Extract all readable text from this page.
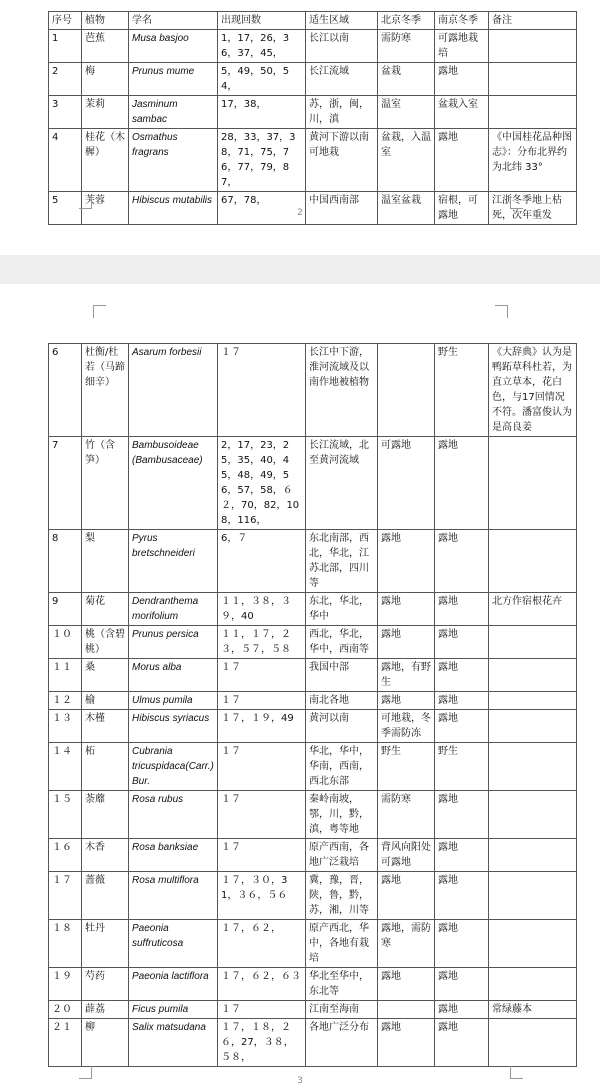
序号	植物	学名	出现回数	适生区域	北京冬季	南京冬季	备注
1	芭蕉	Musa basjoo	1，17，26，36，37，45，	长江以南	需防寒	可露地栽培	
2	梅	Prunus mume	5，49，50，54，	长江流域	盆栽	露地	
3	茉莉	Jasminum sambac	17，38，	苏，浙，闽，川，滇	温室	盆栽入室	
4	桂花（木樨）	Osmathus fragrans	28，33，37，38，71，75，76，77，79，87，	黄河下游以南可地栽	盆栽，入温室	露地	《中国桂花品种图志》：分布北界约为北纬 33°
5	芙蓉	Hibiscus mutabilis	67，78，	中国西南部	温室盆栽	宿根，可露地	江浙冬季地上枯死，次年重发
2
6	杜衡/杜若（马蹄细辛）	Asarum forbesii	１７	长江中下游，淮河流域及以南作地被植物		野生	《大辞典》认为是鸭跖草科杜若，为直立草本，花白色，与17回情况不符。潘富俊认为是高良姜
7	竹（含笋）	Bambusoideae (Bambusaceae)	2，17，23，25，35，40，45，48，49，56，57，58，６２，70，82，108，116，	长江流域，北至黄河流域	可露地	露地	
8	梨	Pyrus bretschneideri	6，７	东北南部，西北，华北，江苏北部，四川等	露地	露地	
9	菊花	Dendranthema morifolium	１１，３８，３９，40	东北，华北，华中	露地	露地	北方作宿根花卉
１０	桃（含碧桃）	Prunus persica	１１，１７，２３，５７，５８	西北，华北，华中，西南等	露地	露地	
１１	桑	Morus alba	１７	我国中部	露地，有野生	露地	
１２	榆	Ulmus pumila	１７	南北各地	露地	露地	
１３	木槿	Hibiscus syriacus	１７，１９，49	黄河以南	可地栽，冬季需防冻	露地	
１４	柘	Cubrania tricuspidaca(Carr.)Bur.	１７	华北，华中，华南，西南，西北东部	野生	野生	
１５	荼蘼	Rosa rubus	１７	秦岭南坡，鄂，川，黔，滇，粤等地	需防寒	露地	
１６	木香	Rosa banksiae	１７	原产西南，各地广泛栽培	背风向阳处可露地	露地	
１７	蔷薇	Rosa multiflora	１７，３０，31，３６，５６	冀，豫，晋，陕，鲁，黔，苏，湘，川等	露地	露地	
１８	牡丹	Paeonia suffruticosa	１７，６２，	原产西北，华中，各地有栽培	露地，需防寒	露地	
１９	芍药	Paeonia lactiflora	１７，６２，６３	华北至华中，东北等	露地	露地	
２０	薜荔	Ficus pumila	１７	江南至海南		露地	常绿藤本
２１	柳	Salix matsudana	１７，１８，２６，27，３８，５８，	各地广泛分布	露地	露地	
3
